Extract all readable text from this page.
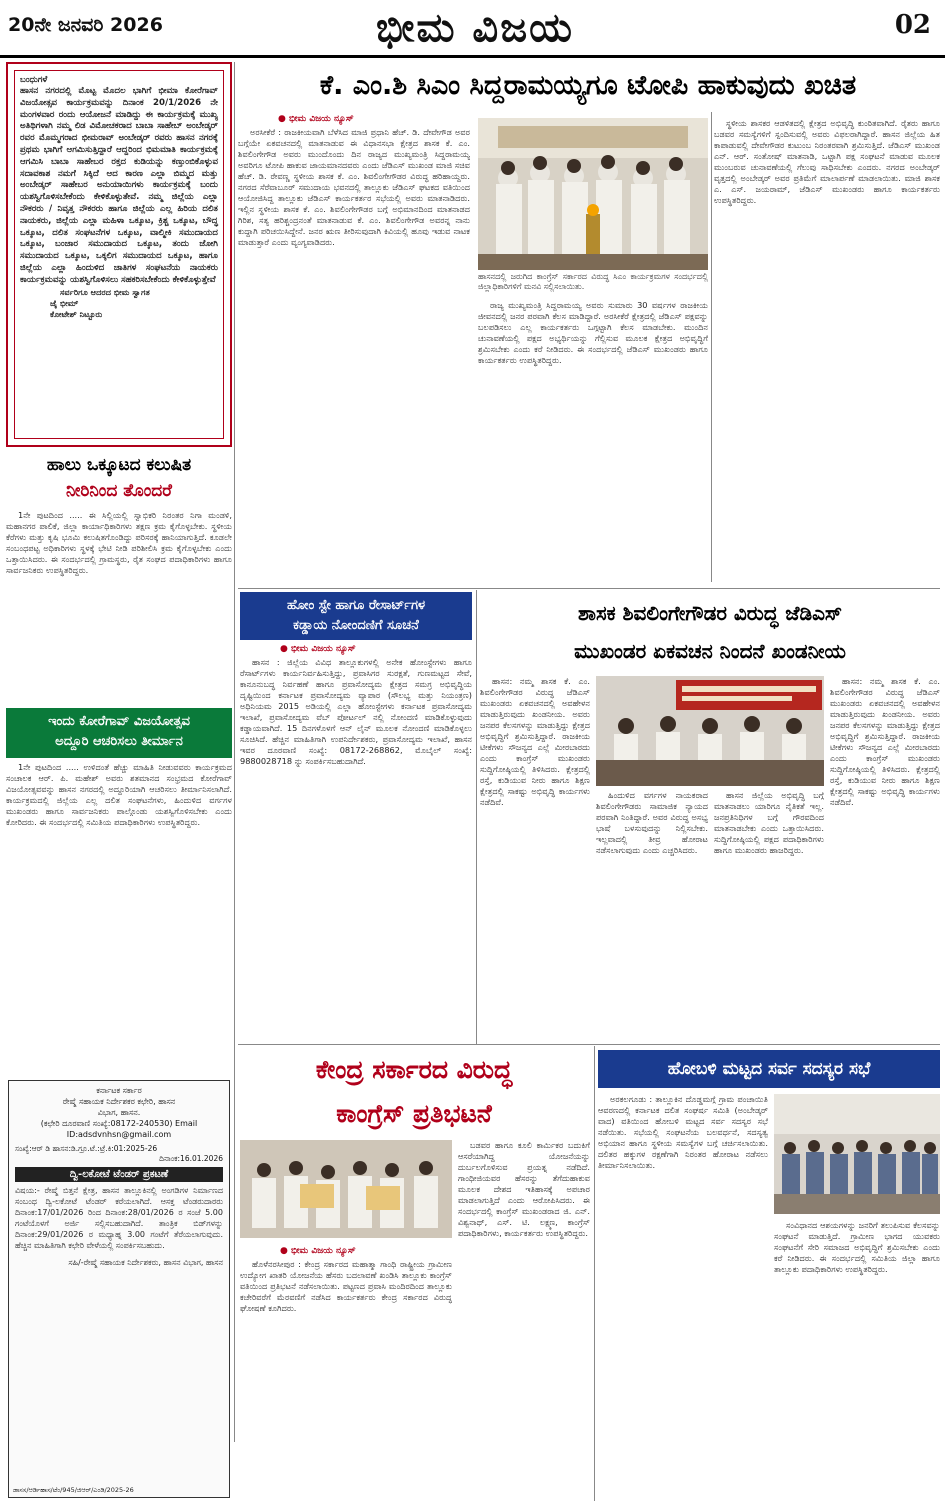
20ನೇ ಜನವರಿ 2026	ಭೀಮ ವಿಜಯ	02
ಬಂಧುಗಳೆ
ಹಾಸನ ನಗರದಲ್ಲಿ ಮೊಟ್ಟ ಮೊದಲ ಭಾಗಿಗೆ ಭೀಮಾ ಕೋರೆಗಾವ್ ವಿಜಯೋತ್ಸವ ಕಾರ್ಯಕ್ರಮವನ್ನು ದಿನಾಂಕ 20/1/2026 ನೇ ಮಂಗಳವಾರ ರಂದು ಆಯೋಜನೆ ಮಾಡಿದ್ದು ಈ ಕಾರ್ಯಕ್ರಮಕ್ಕೆ ಮುಖ್ಯ ಅತಿಥಿಗಳಾಗಿ ನಮ್ಮ ಲಿಡ ವಿಮೋಚಕರಾದ ಬಾಬಾ ಸಾಹೇಬ್ ಅಂಬೇಡ್ಕರ್ ರವರ ಮೊಮ್ಮಗರಾದ ಭೀಮರಾವ್ ಅಂಬೇಡ್ಕರ್ ರವರು ಹಾಸನ ನಗರಕ್ಕೆ ಪ್ರಥಮ ಭಾಗಿಗೆ ಆಗಮಿಸುತ್ತಿದ್ದಾರೆ ಆದ್ದರಿಂದ ಭಿಮಮಾತಿ ಕಾರ್ಯಕ್ರಮಕ್ಕೆ ಆಗಮಿಸಿ ಬಾಬಾ ಸಾಹೇಬರ ರಕ್ತದ ಕುಡಿಯನ್ನು ಕಣ್ತುಂಬಿಕೊಳ್ಳುವ ಸದಾವಕಾಶ ನಮಗೆ ಸಿಕ್ಕಿದೆ ಆದ ಕಾರಣ ಎಲ್ಲಾ ಬಿಮ್ಮದ ಮತ್ತು ಅಂಬೇಡ್ಕರ್ ಸಾಹೇಬರ ಅನುಯಾಯಿಗಳು ಕಾರ್ಯಕ್ರಮಕ್ಕೆ ಬಂದು ಯಶಸ್ವಿಗೊಳಿಸಬೇಕೆಂದು ಕೇಳಿಕೊಳ್ಳುತೇವೆ. ನಮ್ಮ ಜಿಲ್ಲೆಯ ಎಲ್ಲಾ ನೌಕರರು / ನಿವೃತ್ತ ನೌಕರರು ಹಾಗೂ ಜಿಲ್ಲೆಯ ಎಲ್ಲ ಹಿರಿಯ ದಲಿತ ನಾಯಕರು, ಜಿಲ್ಲೆಯ ಎಲ್ಲಾ ಮಹಿಳಾ ಒಕ್ಕೂಟ, ಕ್ರಿಶ್ಚ ಒಕ್ಕೂಟ, ಬೌದ್ಧ ಒಕ್ಕೂಟ, ದಲಿತ ಸಂಘಟನೆಗಳ ಒಕ್ಕೂಟ, ವಾಲ್ಮೀಕಿ ಸಮುದಾಯದ ಒಕ್ಕೂಟ, ಬಂಜಾರ ಸಮುದಾಯದ ಒಕ್ಕೂಟ, ತಂದು ಜೋಗಿ ಸಮುದಾಯದ ಒಕ್ಕೂಟ, ಒಕ್ಕಲಿಗ ಸಮುದಾಯದ ಒಕ್ಕೂಟ, ಹಾಗೂ ಜಿಲ್ಲೆಯ ಎಲ್ಲಾ ಹಿಂದುಳಿದ ಜಾತಿಗಳ ಸಂಘಟನೆಯ ನಾಯಕರು ಕಾರ್ಯಕ್ರಮವನ್ನು ಯಶಸ್ವಿಗೊಳಿಸಲು ಸಹಕರಿಸಬೇಕೆಂದು ಕೇಳಿಕೊಳ್ಳುತ್ತೇವೆ
ಸರ್ವರಿಗೂ ಆದರದ ಭೀಮ ಸ್ವಾಗತ
ಜೈ ಭೀಮ್
ಕೋಟೇಶ್ ನಿಟ್ಟೂರು
ಕೆ. ಎಂ.ಶಿ ಸಿಎಂ ಸಿದ್ದರಾಮಯ್ಯಗೂ ಟೋಪಿ ಹಾಕುವುದು ಖಚಿತ
● ಭೀಮ ವಿಜಯ ನ್ಯೂಸ್
ಅರಸೀಕೆರೆ : ರಾಜಕೀಯವಾಗಿ ಬೆಳೆಸಿದ ಮಾಜಿ ಪ್ರಧಾನಿ ಹೆಚ್. ಡಿ. ದೇವೇಗೌಡ ಅವರ ಬಗ್ಗೆಯೇ ಏಕವಚನದಲ್ಲಿ ಮಾತನಾಡುವ ಈ ವಿಧಾನಸಭಾ ಕ್ಷೇತ್ರದ ಶಾಸಕ ಕೆ. ಎಂ. ಶಿವಲಿಂಗೇಗೌಡ ಅವರು ಮುಂದೊಂದು ದಿನ ರಾಜ್ಯದ ಮುಖ್ಯಮಂತ್ರಿ ಸಿದ್ದರಾಮಯ್ಯ ಅವರಿಗೂ ಟೋಪಿ ಹಾಕುವ ಜಾಯಮಾನದವರು ಎಂದು ಜೆಡಿಎಸ್ ಮುಖಂಡ ಮಾಜಿ ಸಚಿವ ಹೆಚ್. ಡಿ. ರೇವಣ್ಣ ಸ್ಥಳೀಯ ಶಾಸಕ ಕೆ. ಎಂ. ಶಿವಲಿಂಗೇಗೌಡರ ವಿರುದ್ಧ ಹರಿಹಾಯ್ದರು. ನಗರದ ಸೆರೆವಾಬೂರ್ ಸಮುದಾಯ ಭವನದಲ್ಲಿ ತಾಲ್ಲೂಕು ಜೆಡಿಎಸ್ ಘಟಕದ ವತಿಯಿಂದ ಆಯೋಜಿಸಿದ್ದ ತಾಲ್ಲೂಕು ಜೆಡಿಎಸ್ ಕಾರ್ಯಕರ್ತರ ಸಭೆಯಲ್ಲಿ ಅವರು ಮಾತನಾಡಿದರು. ಇಲ್ಲಿನ ಸ್ಥಳೀಯ ಶಾಸಕ ಕೆ. ಎಂ. ಶಿವಲಿಂಗೇಗೌಡರ ಬಗ್ಗೆ ಅಭಿಮಾನದಿಂದ ಮಾತನಾಡದ ಗಿರಿಶ, ಸತ್ಯ ಹರಿಶ್ಚಂದ್ರನಂತೆ ಮಾತನಾಡುವ ಕೆ. ಎಂ. ಶಿವಲಿಂಗೇಗೌಡ ಅವರನ್ನ ನಾನು ಕುದ್ದಾಗಿ ಪರಿಚಯಿಸಿದ್ದೇನೆ. ಜನರ ಋಣ ತೀರಿಸುವುದಾಗಿ ಕಿವಿಯಲ್ಲಿ ಹೂವು ಇಡುವ ನಾಟಕ ಮಾಡುತ್ತಾರೆ ಎಂದು ವ್ಯಂಗ್ಯವಾಡಿದರು.
ಹಾಸನದಲ್ಲಿ ಜರುಗಿದ ಕಾಂಗ್ರೆಸ್ ಸರ್ಕಾರದ ವಿರುದ್ಧ ಸಿಎಂ ಕಾರ್ಯಕ್ರಮಗಳ ಸಂದರ್ಭದಲ್ಲಿ ಜಿಲ್ಲಾಧಿಕಾರಿಗಳಿಗೆ ಮನವಿ ಸಲ್ಲಿಸಲಾಯಿತು.
ರಾಜ್ಯ ಮುಖ್ಯಮಂತ್ರಿ ಸಿದ್ದರಾಮಯ್ಯ ಅವರು ಸುಮಾರು 30 ವರ್ಷಗಳ ರಾಜಕೀಯ ಜೀವನದಲ್ಲಿ ಜನರ ಪರವಾಗಿ ಕೆಲಸ ಮಾಡಿದ್ದಾರೆ. ಅರಸೀಕೆರೆ ಕ್ಷೇತ್ರದಲ್ಲಿ ಜೆಡಿಎಸ್ ಪಕ್ಷವನ್ನು ಬಲಪಡಿಸಲು ಎಲ್ಲ ಕಾರ್ಯಕರ್ತರು ಒಗ್ಗಟ್ಟಾಗಿ ಕೆಲಸ ಮಾಡಬೇಕು. ಮುಂದಿನ ಚುನಾವಣೆಯಲ್ಲಿ ಪಕ್ಷದ ಅಭ್ಯರ್ಥಿಯನ್ನು ಗೆಲ್ಲಿಸುವ ಮೂಲಕ ಕ್ಷೇತ್ರದ ಅಭಿವೃದ್ಧಿಗೆ ಶ್ರಮಿಸಬೇಕು ಎಂದು ಕರೆ ನೀಡಿದರು. ಈ ಸಂದರ್ಭದಲ್ಲಿ ಜೆಡಿಎಸ್ ಮುಖಂಡರು ಹಾಗೂ ಕಾರ್ಯಕರ್ತರು ಉಪಸ್ಥಿತರಿದ್ದರು.
ಸ್ಥಳೀಯ ಶಾಸಕರ ಆಡಳಿತದಲ್ಲಿ ಕ್ಷೇತ್ರದ ಅಭಿವೃದ್ಧಿ ಕುಂಠಿತವಾಗಿದೆ. ರೈತರು ಹಾಗೂ ಬಡವರ ಸಮಸ್ಯೆಗಳಿಗೆ ಸ್ಪಂದಿಸುವಲ್ಲಿ ಅವರು ವಿಫಲರಾಗಿದ್ದಾರೆ. ಹಾಸನ ಜಿಲ್ಲೆಯ ಹಿತ ಕಾಪಾಡುವಲ್ಲಿ ದೇವೇಗೌಡರ ಕುಟುಂಬ ನಿರಂತರವಾಗಿ ಶ್ರಮಿಸುತ್ತಿದೆ. ಜೆಡಿಎಸ್ ಮುಖಂಡ ಎನ್. ಆರ್. ಸಂತೋಷ್ ಮಾತನಾಡಿ, ಒಟ್ಟಾಗಿ ಪಕ್ಷ ಸಂಘಟನೆ ಮಾಡುವ ಮೂಲಕ ಮುಂಬರುವ ಚುನಾವಣೆಯಲ್ಲಿ ಗೆಲುವು ಸಾಧಿಸಬೇಕು ಎಂದರು. ನಗರದ ಅಂಬೇಡ್ಕರ್ ವೃತ್ತದಲ್ಲಿ ಅಂಬೇಡ್ಕರ್ ಅವರ ಪ್ರತಿಮೆಗೆ ಮಾಲಾರ್ಪಣೆ ಮಾಡಲಾಯಿತು. ಮಾಜಿ ಶಾಸಕ ಎ. ಎಸ್. ಜಯರಾಮ್, ಜೆಡಿಎಸ್ ಮುಖಂಡರು ಹಾಗೂ ಕಾರ್ಯಕರ್ತರು ಉಪಸ್ಥಿತರಿದ್ದರು.
ಹಾಲು ಒಕ್ಕೂಟದ ಕಲುಷಿತ
ನೀರಿನಿಂದ ತೊಂದರೆ
1ನೇ ಪುಟದಿಂದ ..... ಈ ಸಿಲ್ಲಿಯಲ್ಲಿ ಸ್ವಾಭಿಕರಿ ನಿರಂತರ ನಿಗಾ ಮಂಡಳಿ, ಮಹಾನಗರ ಪಾಲಿಕೆ, ಜಿಲ್ಲಾ ಕಾರ್ಯಾಧಿಕಾರಿಗಳು ತಕ್ಷಣ ಕ್ರಮ ಕೈಗೊಳ್ಳಬೇಕು. ಸ್ಥಳೀಯ ಕೆರೆಗಳು ಮತ್ತು ಕೃಷಿ ಭೂಮಿ ಕಲುಷಿತಗೊಂಡಿದ್ದು ಪರಿಸರಕ್ಕೆ ಹಾನಿಯಾಗುತ್ತಿದೆ. ಕೂಡಲೇ ಸಂಬಂಧಪಟ್ಟ ಅಧಿಕಾರಿಗಳು ಸ್ಥಳಕ್ಕೆ ಭೇಟಿ ನೀಡಿ ಪರಿಶೀಲಿಸಿ ಕ್ರಮ ಕೈಗೊಳ್ಳಬೇಕು ಎಂದು ಒತ್ತಾಯಿಸಿದರು. ಈ ಸಂದರ್ಭದಲ್ಲಿ ಗ್ರಾಮಸ್ಥರು, ರೈತ ಸಂಘದ ಪದಾಧಿಕಾರಿಗಳು ಹಾಗೂ ಸಾರ್ವಜನಿಕರು ಉಪಸ್ಥಿತರಿದ್ದರು.
ಇಂದು ಕೋರೆಗಾವ್ ವಿಜಯೋತ್ಸವ
ಅದ್ದೂರಿ ಆಚರಿಸಲು ತೀರ್ಮಾನ
1ನೇ ಪುಟದಿಂದ ..... ಉಳಿದಂತೆ ಹೆಚ್ಚು ಮಾಹಿತಿ ನೀಡುವವರು ಕಾರ್ಯಕ್ರಮದ ಸಂಚಾಲಕ ಆರ್. ಪಿ. ಮಹೇಶ್ ಅವರು ಶತಮಾನದ ಸಂಭ್ರಮದ ಕೋರೆಗಾವ್ ವಿಜಯೋತ್ಸವವನ್ನು ಹಾಸನ ನಗರದಲ್ಲಿ ಅದ್ದೂರಿಯಾಗಿ ಆಚರಿಸಲು ತೀರ್ಮಾನಿಸಲಾಗಿದೆ. ಕಾರ್ಯಕ್ರಮದಲ್ಲಿ ಜಿಲ್ಲೆಯ ಎಲ್ಲ ದಲಿತ ಸಂಘಟನೆಗಳು, ಹಿಂದುಳಿದ ವರ್ಗಗಳ ಮುಖಂಡರು ಹಾಗೂ ಸಾರ್ವಜನಿಕರು ಪಾಲ್ಗೊಂಡು ಯಶಸ್ವಿಗೊಳಿಸಬೇಕು ಎಂದು ಕೋರಿದರು. ಈ ಸಂದರ್ಭದಲ್ಲಿ ಸಮಿತಿಯ ಪದಾಧಿಕಾರಿಗಳು ಉಪಸ್ಥಿತರಿದ್ದರು.
ಕರ್ನಾಟಕ ಸರ್ಕಾರ
ರೇಷ್ಮೆ ಸಹಾಯಕ ನಿರ್ದೇಶಕರ ಕಛೇರಿ, ಹಾಸನ
ವಿಭಾಗ, ಹಾಸನ.
(ಕಛೇರಿ ದೂರವಾಣಿ ಸಂಖ್ಯೆ:08172-240530) Email
ID:adsdvnhsn@gmail.com
ಸಂಖ್ಯೆ:ಆರ್ ಡಿ ಹಾಸನ:ಡಿ.ಗ್ರೂ.ಟೆ.:ಟ್ರೆ.ಕಿ:01:2025-26
ದಿನಾಂಕ:16.01.2026
ದ್ವಿ-ಲಕೋಟೆ ಟೆಂಡರ್ ಪ್ರಕಟಣೆ
ವಿಷಯ:- ರೇಷ್ಮೆ ಬಿತ್ತನೆ ಕ್ಷೇತ್ರ, ಹಾಸನ ತಾಲ್ಲೂಕಿನಲ್ಲಿ ಅಂಗಡಿಗಳ ನಿರ್ಮಾಣದ ಸಂಬಂಧ ದ್ವಿ-ಲಕೋಟೆ ಟೆಂಡರ್ ಕರೆಯಲಾಗಿದೆ. ಆಸಕ್ತ ಟೆಂಡರುದಾರರು ದಿನಾಂಕ:17/01/2026 ರಿಂದ ದಿನಾಂಕ:28/01/2026 ರ ಸಂಜೆ 5.00 ಗಂಟೆಯೊಳಗೆ ಅರ್ಜಿ ಸಲ್ಲಿಸಬಹುದಾಗಿದೆ. ತಾಂತ್ರಿಕ ಬಿಡ್‌ಗಳನ್ನು ದಿನಾಂಕ:29/01/2026 ರ ಮಧ್ಯಾಹ್ನ 3.00 ಗಂಟೆಗೆ ತೆರೆಯಲಾಗುವುದು. ಹೆಚ್ಚಿನ ಮಾಹಿತಿಗಾಗಿ ಕಛೇರಿ ವೇಳೆಯಲ್ಲಿ ಸಂಪರ್ಕಿಸಬಹುದು.
ಸಹಿ/-ರೇಷ್ಮೆ ಸಹಾಯಕ ನಿರ್ದೇಶಕರು, ಹಾಸನ ವಿಭಾಗ, ಹಾಸನ
ಡಾಸಸ/ಆರ್ಡಿಹಾಸ/ಟೆಂ/945/ಜಿಆರ್/ಎಂಡಿ/2025-26
ಹೋಂ ಸ್ಟೇ ಹಾಗೂ ರೇಸಾರ್ಟ್‌ಗಳ
ಕಡ್ಡಾಯ ನೋಂದಣಿಗೆ ಸೂಚನೆ
● ಭೀಮ ವಿಜಯ ನ್ಯೂಸ್
ಹಾಸನ : ಜಿಲ್ಲೆಯ ವಿವಿಧ ತಾಲ್ಲೂಕುಗಳಲ್ಲಿ ಅನೇಕ ಹೋಂಸ್ಟೇಗಳು ಹಾಗೂ ರೆಸಾರ್ಟ್‌ಗಳು ಕಾರ್ಯನಿರ್ವಹಿಸುತ್ತಿದ್ದು, ಪ್ರವಾಸಿಗರ ಸುರಕ್ಷತೆ, ಗುಣಮಟ್ಟದ ಸೇವೆ, ಕಾನೂನುಬದ್ಧ ನಿರ್ವಹಣೆ ಹಾಗೂ ಪ್ರವಾಸೋದ್ಯಮ ಕ್ಷೇತ್ರದ ಸಮಗ್ರ ಅಭಿವೃದ್ಧಿಯ ದೃಷ್ಟಿಯಿಂದ ಕರ್ನಾಟಕ ಪ್ರವಾಸೋದ್ಯಮ ವ್ಯಾಪಾರ (ಸೌಲಭ್ಯ ಮತ್ತು ನಿಯಂತ್ರಣ) ಅಧಿನಿಯಮ 2015 ಅಡಿಯಲ್ಲಿ ಎಲ್ಲಾ ಹೋಂಸ್ಟೇಗಳು ಕರ್ನಾಟಕ ಪ್ರವಾಸೋದ್ಯಮ ಇಲಾಖೆ, ಪ್ರವಾಸೋದ್ಯಮ ವೆಬ್ ಪೋರ್ಟಲ್ ನಲ್ಲಿ ನೋಂದಣಿ ಮಾಡಿಕೊಳ್ಳುವುದು ಕಡ್ಡಾಯವಾಗಿದೆ. 15 ದಿನಗಳೊಳಗೆ ಆನ್ ಲೈನ್ ಮೂಲಕ ನೋಂದಣಿ ಮಾಡಿಕೊಳ್ಳಲು ಸೂಚಿಸಿದೆ. ಹೆಚ್ಚಿನ ಮಾಹಿತಿಗಾಗಿ ಉಪನಿರ್ದೇಶಕರು, ಪ್ರವಾಸೋದ್ಯಮ ಇಲಾಖೆ, ಹಾಸನ ಇವರ ದೂರವಾಣಿ ಸಂಖ್ಯೆ: 08172-268862, ಮೊಬೈಲ್ ಸಂಖ್ಯೆ: 9880028718 ನ್ನು ಸಂಪರ್ಕಿಸಬಹುದಾಗಿದೆ.
ಶಾಸಕ ಶಿವಲಿಂಗೇಗೌಡರ ವಿರುದ್ಧ ಜೆಡಿಎಸ್
ಮುಖಂಡರ ಏಕವಚನ ನಿಂದನೆ ಖಂಡನೀಯ
ಹಾಸನ: ನಮ್ಮ ಶಾಸಕ ಕೆ. ಎಂ. ಶಿವಲಿಂಗೇಗೌಡರ ವಿರುದ್ಧ ಜೆಡಿಎಸ್ ಮುಖಂಡರು ಏಕವಚನದಲ್ಲಿ ಅವಹೇಳನ ಮಾಡುತ್ತಿರುವುದು ಖಂಡನೀಯ. ಅವರು ಜನಪರ ಕೆಲಸಗಳನ್ನು ಮಾಡುತ್ತಿದ್ದು ಕ್ಷೇತ್ರದ ಅಭಿವೃದ್ಧಿಗೆ ಶ್ರಮಿಸುತ್ತಿದ್ದಾರೆ. ರಾಜಕೀಯ ಟೀಕೆಗಳು ಸೌಜನ್ಯದ ಎಲ್ಲೆ ಮೀರಬಾರದು ಎಂದು ಕಾಂಗ್ರೆಸ್ ಮುಖಂಡರು ಸುದ್ದಿಗೋಷ್ಠಿಯಲ್ಲಿ ತಿಳಿಸಿದರು. ಕ್ಷೇತ್ರದಲ್ಲಿ ರಸ್ತೆ, ಕುಡಿಯುವ ನೀರು ಹಾಗೂ ಶಿಕ್ಷಣ ಕ್ಷೇತ್ರದಲ್ಲಿ ಸಾಕಷ್ಟು ಅಭಿವೃದ್ಧಿ ಕಾರ್ಯಗಳು ನಡೆದಿವೆ.
ಹಿಂದುಳಿದ ವರ್ಗಗಳ ನಾಯಕರಾದ ಶಿವಲಿಂಗೇಗೌಡರು ಸಾಮಾಜಿಕ ನ್ಯಾಯದ ಪರವಾಗಿ ನಿಂತಿದ್ದಾರೆ. ಅವರ ವಿರುದ್ಧ ಅಸಭ್ಯ ಭಾಷೆ ಬಳಸುವುದನ್ನು ನಿಲ್ಲಿಸಬೇಕು. ಇಲ್ಲವಾದಲ್ಲಿ ತೀವ್ರ ಹೋರಾಟ ನಡೆಸಲಾಗುವುದು ಎಂದು ಎಚ್ಚರಿಸಿದರು.
ಹಾಸನ ಜಿಲ್ಲೆಯ ಅಭಿವೃದ್ಧಿ ಬಗ್ಗೆ ಮಾತನಾಡಲು ಯಾರಿಗೂ ನೈತಿಕತೆ ಇಲ್ಲ. ಜನಪ್ರತಿನಿಧಿಗಳ ಬಗ್ಗೆ ಗೌರವದಿಂದ ಮಾತನಾಡಬೇಕು ಎಂದು ಒತ್ತಾಯಿಸಿದರು. ಸುದ್ದಿಗೋಷ್ಠಿಯಲ್ಲಿ ಪಕ್ಷದ ಪದಾಧಿಕಾರಿಗಳು ಹಾಗೂ ಮುಖಂಡರು ಹಾಜರಿದ್ದರು.
ಹಾಸನ: ನಮ್ಮ ಶಾಸಕ ಕೆ. ಎಂ. ಶಿವಲಿಂಗೇಗೌಡರ ವಿರುದ್ಧ ಜೆಡಿಎಸ್ ಮುಖಂಡರು ಏಕವಚನದಲ್ಲಿ ಅವಹೇಳನ ಮಾಡುತ್ತಿರುವುದು ಖಂಡನೀಯ. ಅವರು ಜನಪರ ಕೆಲಸಗಳನ್ನು ಮಾಡುತ್ತಿದ್ದು ಕ್ಷೇತ್ರದ ಅಭಿವೃದ್ಧಿಗೆ ಶ್ರಮಿಸುತ್ತಿದ್ದಾರೆ. ರಾಜಕೀಯ ಟೀಕೆಗಳು ಸೌಜನ್ಯದ ಎಲ್ಲೆ ಮೀರಬಾರದು ಎಂದು ಕಾಂಗ್ರೆಸ್ ಮುಖಂಡರು ಸುದ್ದಿಗೋಷ್ಠಿಯಲ್ಲಿ ತಿಳಿಸಿದರು. ಕ್ಷೇತ್ರದಲ್ಲಿ ರಸ್ತೆ, ಕುಡಿಯುವ ನೀರು ಹಾಗೂ ಶಿಕ್ಷಣ ಕ್ಷೇತ್ರದಲ್ಲಿ ಸಾಕಷ್ಟು ಅಭಿವೃದ್ಧಿ ಕಾರ್ಯಗಳು ನಡೆದಿವೆ.
ಕೇಂದ್ರ ಸರ್ಕಾರದ ವಿರುದ್ಧ
ಕಾಂಗ್ರೆಸ್ ಪ್ರತಿಭಟನೆ
● ಭೀಮ ವಿಜಯ ನ್ಯೂಸ್
ಹೊಳೆನರಸೀಪುರ : ಕೇಂದ್ರ ಸರ್ಕಾರದ ಮಹಾತ್ಮಾ ಗಾಂಧಿ ರಾಷ್ಟ್ರೀಯ ಗ್ರಾಮೀಣ ಉದ್ಯೋಗ ಖಾತರಿ ಯೋಜನೆಯ ಹೆಸರು ಬದಲಾವಣೆ ಖಂಡಿಸಿ ತಾಲ್ಲೂಕು ಕಾಂಗ್ರೆಸ್ ವತಿಯಿಂದ ಪ್ರತಿಭಟನೆ ನಡೆಸಲಾಯಿತು. ಪಟ್ಟಣದ ಪ್ರವಾಸಿ ಮಂದಿರದಿಂದ ತಾಲ್ಲೂಕು ಕಚೇರಿವರೆಗೆ ಮೆರವಣಿಗೆ ನಡೆಸಿದ ಕಾರ್ಯಕರ್ತರು ಕೇಂದ್ರ ಸರ್ಕಾರದ ವಿರುದ್ಧ ಘೋಷಣೆ ಕೂಗಿದರು.
ಬಡವರ ಹಾಗೂ ಕೂಲಿ ಕಾರ್ಮಿಕರ ಬದುಕಿಗೆ ಆಸರೆಯಾಗಿದ್ದ ಯೋಜನೆಯನ್ನು ದುರ್ಬಲಗೊಳಿಸುವ ಪ್ರಯತ್ನ ನಡೆದಿದೆ. ಗಾಂಧೀಜಿಯವರ ಹೆಸರನ್ನು ತೆಗೆದುಹಾಕುವ ಮೂಲಕ ದೇಶದ ಇತಿಹಾಸಕ್ಕೆ ಅಪಚಾರ ಮಾಡಲಾಗುತ್ತಿದೆ ಎಂದು ಆರೋಪಿಸಿದರು. ಈ ಸಂದರ್ಭದಲ್ಲಿ ಕಾಂಗ್ರೆಸ್ ಮುಖಂಡರಾದ ಜಿ. ಎನ್. ವಿಶ್ವನಾಥ್, ಎಸ್. ಟಿ. ಲಕ್ಷ್ಮಣ, ಕಾಂಗ್ರೆಸ್ ಪದಾಧಿಕಾರಿಗಳು, ಕಾರ್ಯಕರ್ತರು ಉಪಸ್ಥಿತರಿದ್ದರು.
ಹೋಬಳಿ ಮಟ್ಟದ ಸರ್ವ ಸದಸ್ಯರ ಸಭೆ
ಅರಕಲಗೂಡು : ತಾಲ್ಲೂಕಿನ ದೊಡ್ಡಮಗ್ಗೆ ಗ್ರಾಮ ಪಂಚಾಯಿತಿ ಆವರಣದಲ್ಲಿ ಕರ್ನಾಟಕ ದಲಿತ ಸಂಘರ್ಷ ಸಮಿತಿ (ಅಂಬೇಡ್ಕರ್ ವಾದ) ವತಿಯಿಂದ ಹೋಬಳಿ ಮಟ್ಟದ ಸರ್ವ ಸದಸ್ಯರ ಸಭೆ ನಡೆಯಿತು. ಸಭೆಯಲ್ಲಿ ಸಂಘಟನೆಯ ಬಲವರ್ಧನೆ, ಸದಸ್ಯತ್ವ ಅಭಿಯಾನ ಹಾಗೂ ಸ್ಥಳೀಯ ಸಮಸ್ಯೆಗಳ ಬಗ್ಗೆ ಚರ್ಚಿಸಲಾಯಿತು. ದಲಿತರ ಹಕ್ಕುಗಳ ರಕ್ಷಣೆಗಾಗಿ ನಿರಂತರ ಹೋರಾಟ ನಡೆಸಲು ತೀರ್ಮಾನಿಸಲಾಯಿತು.
ಸಂವಿಧಾನದ ಆಶಯಗಳನ್ನು ಜನರಿಗೆ ತಲುಪಿಸುವ ಕೆಲಸವನ್ನು ಸಂಘಟನೆ ಮಾಡುತ್ತಿದೆ. ಗ್ರಾಮೀಣ ಭಾಗದ ಯುವಕರು ಸಂಘಟನೆಗೆ ಸೇರಿ ಸಮಾಜದ ಅಭಿವೃದ್ಧಿಗೆ ಶ್ರಮಿಸಬೇಕು ಎಂದು ಕರೆ ನೀಡಿದರು. ಈ ಸಂದರ್ಭದಲ್ಲಿ ಸಮಿತಿಯ ಜಿಲ್ಲಾ ಹಾಗೂ ತಾಲ್ಲೂಕು ಪದಾಧಿಕಾರಿಗಳು ಉಪಸ್ಥಿತರಿದ್ದರು.
